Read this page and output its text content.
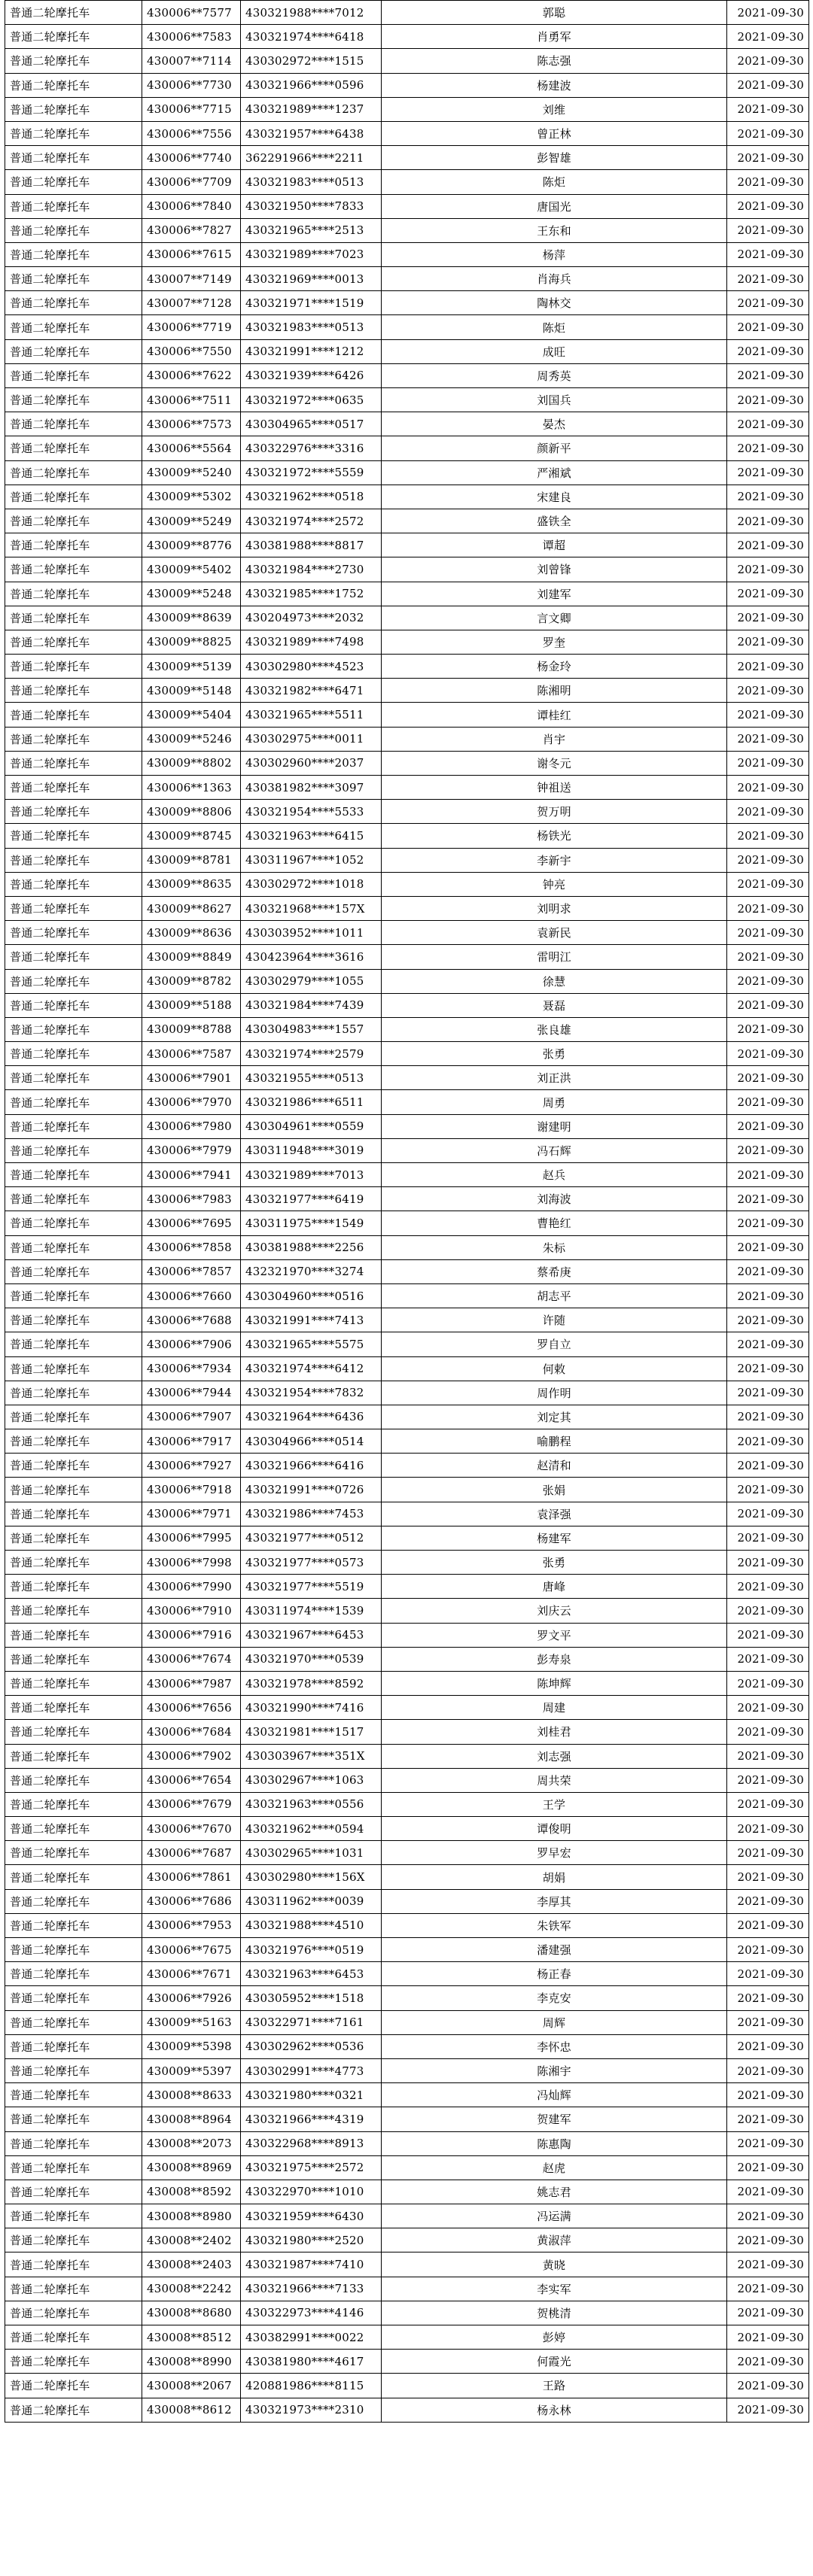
普通二轮摩托车	430006**7577	430321988****7012	郭聪	2021-09-30
普通二轮摩托车	430006**7583	430321974****6418	肖勇军	2021-09-30
普通二轮摩托车	430007**7114	430302972****1515	陈志强	2021-09-30
普通二轮摩托车	430006**7730	430321966****0596	杨建波	2021-09-30
普通二轮摩托车	430006**7715	430321989****1237	刘维	2021-09-30
普通二轮摩托车	430006**7556	430321957****6438	曾正林	2021-09-30
普通二轮摩托车	430006**7740	362291966****2211	彭智雄	2021-09-30
普通二轮摩托车	430006**7709	430321983****0513	陈炬	2021-09-30
普通二轮摩托车	430006**7840	430321950****7833	唐国光	2021-09-30
普通二轮摩托车	430006**7827	430321965****2513	王东和	2021-09-30
普通二轮摩托车	430006**7615	430321989****7023	杨萍	2021-09-30
普通二轮摩托车	430007**7149	430321969****0013	肖海兵	2021-09-30
普通二轮摩托车	430007**7128	430321971****1519	陶林交	2021-09-30
普通二轮摩托车	430006**7719	430321983****0513	陈炬	2021-09-30
普通二轮摩托车	430006**7550	430321991****1212	成旺	2021-09-30
普通二轮摩托车	430006**7622	430321939****6426	周秀英	2021-09-30
普通二轮摩托车	430006**7511	430321972****0635	刘国兵	2021-09-30
普通二轮摩托车	430006**7573	430304965****0517	晏杰	2021-09-30
普通二轮摩托车	430006**5564	430322976****3316	颜新平	2021-09-30
普通二轮摩托车	430009**5240	430321972****5559	严湘斌	2021-09-30
普通二轮摩托车	430009**5302	430321962****0518	宋建良	2021-09-30
普通二轮摩托车	430009**5249	430321974****2572	盛铁全	2021-09-30
普通二轮摩托车	430009**8776	430381988****8817	谭超	2021-09-30
普通二轮摩托车	430009**5402	430321984****2730	刘曾锋	2021-09-30
普通二轮摩托车	430009**5248	430321985****1752	刘建军	2021-09-30
普通二轮摩托车	430009**8639	430204973****2032	言文卿	2021-09-30
普通二轮摩托车	430009**8825	430321989****7498	罗奎	2021-09-30
普通二轮摩托车	430009**5139	430302980****4523	杨金玲	2021-09-30
普通二轮摩托车	430009**5148	430321982****6471	陈湘明	2021-09-30
普通二轮摩托车	430009**5404	430321965****5511	谭桂红	2021-09-30
普通二轮摩托车	430009**5246	430302975****0011	肖宇	2021-09-30
普通二轮摩托车	430009**8802	430302960****2037	谢冬元	2021-09-30
普通二轮摩托车	430006**1363	430381982****3097	钟祖送	2021-09-30
普通二轮摩托车	430009**8806	430321954****5533	贺万明	2021-09-30
普通二轮摩托车	430009**8745	430321963****6415	杨铁光	2021-09-30
普通二轮摩托车	430009**8781	430311967****1052	李新宇	2021-09-30
普通二轮摩托车	430009**8635	430302972****1018	钟亮	2021-09-30
普通二轮摩托车	430009**8627	430321968****157X	刘明求	2021-09-30
普通二轮摩托车	430009**8636	430303952****1011	袁新民	2021-09-30
普通二轮摩托车	430009**8849	430423964****3616	雷明江	2021-09-30
普通二轮摩托车	430009**8782	430302979****1055	徐慧	2021-09-30
普通二轮摩托车	430009**5188	430321984****7439	聂磊	2021-09-30
普通二轮摩托车	430009**8788	430304983****1557	张良雄	2021-09-30
普通二轮摩托车	430006**7587	430321974****2579	张勇	2021-09-30
普通二轮摩托车	430006**7901	430321955****0513	刘正洪	2021-09-30
普通二轮摩托车	430006**7970	430321986****6511	周勇	2021-09-30
普通二轮摩托车	430006**7980	430304961****0559	谢建明	2021-09-30
普通二轮摩托车	430006**7979	430311948****3019	冯石辉	2021-09-30
普通二轮摩托车	430006**7941	430321989****7013	赵兵	2021-09-30
普通二轮摩托车	430006**7983	430321977****6419	刘海波	2021-09-30
普通二轮摩托车	430006**7695	430311975****1549	曹艳红	2021-09-30
普通二轮摩托车	430006**7858	430381988****2256	朱标	2021-09-30
普通二轮摩托车	430006**7857	432321970****3274	蔡希庚	2021-09-30
普通二轮摩托车	430006**7660	430304960****0516	胡志平	2021-09-30
普通二轮摩托车	430006**7688	430321991****7413	许随	2021-09-30
普通二轮摩托车	430006**7906	430321965****5575	罗自立	2021-09-30
普通二轮摩托车	430006**7934	430321974****6412	何敕	2021-09-30
普通二轮摩托车	430006**7944	430321954****7832	周作明	2021-09-30
普通二轮摩托车	430006**7907	430321964****6436	刘定其	2021-09-30
普通二轮摩托车	430006**7917	430304966****0514	喻鹏程	2021-09-30
普通二轮摩托车	430006**7927	430321966****6416	赵清和	2021-09-30
普通二轮摩托车	430006**7918	430321991****0726	张娟	2021-09-30
普通二轮摩托车	430006**7971	430321986****7453	袁泽强	2021-09-30
普通二轮摩托车	430006**7995	430321977****0512	杨建军	2021-09-30
普通二轮摩托车	430006**7998	430321977****0573	张勇	2021-09-30
普通二轮摩托车	430006**7990	430321977****5519	唐峰	2021-09-30
普通二轮摩托车	430006**7910	430311974****1539	刘庆云	2021-09-30
普通二轮摩托车	430006**7916	430321967****6453	罗文平	2021-09-30
普通二轮摩托车	430006**7674	430321970****0539	彭寿泉	2021-09-30
普通二轮摩托车	430006**7987	430321978****8592	陈坤辉	2021-09-30
普通二轮摩托车	430006**7656	430321990****7416	周建	2021-09-30
普通二轮摩托车	430006**7684	430321981****1517	刘桂君	2021-09-30
普通二轮摩托车	430006**7902	430303967****351X	刘志强	2021-09-30
普通二轮摩托车	430006**7654	430302967****1063	周共荣	2021-09-30
普通二轮摩托车	430006**7679	430321963****0556	王学	2021-09-30
普通二轮摩托车	430006**7670	430321962****0594	谭俊明	2021-09-30
普通二轮摩托车	430006**7687	430302965****1031	罗早宏	2021-09-30
普通二轮摩托车	430006**7861	430302980****156X	胡娟	2021-09-30
普通二轮摩托车	430006**7686	430311962****0039	李厚其	2021-09-30
普通二轮摩托车	430006**7953	430321988****4510	朱铁军	2021-09-30
普通二轮摩托车	430006**7675	430321976****0519	潘建强	2021-09-30
普通二轮摩托车	430006**7671	430321963****6453	杨正春	2021-09-30
普通二轮摩托车	430006**7926	430305952****1518	李克安	2021-09-30
普通二轮摩托车	430009**5163	430322971****7161	周辉	2021-09-30
普通二轮摩托车	430009**5398	430302962****0536	李怀忠	2021-09-30
普通二轮摩托车	430009**5397	430302991****4773	陈湘宇	2021-09-30
普通二轮摩托车	430008**8633	430321980****0321	冯灿辉	2021-09-30
普通二轮摩托车	430008**8964	430321966****4319	贺建军	2021-09-30
普通二轮摩托车	430008**2073	430322968****8913	陈惠陶	2021-09-30
普通二轮摩托车	430008**8969	430321975****2572	赵虎	2021-09-30
普通二轮摩托车	430008**8592	430322970****1010	姚志君	2021-09-30
普通二轮摩托车	430008**8980	430321959****6430	冯运满	2021-09-30
普通二轮摩托车	430008**2402	430321980****2520	黄淑萍	2021-09-30
普通二轮摩托车	430008**2403	430321987****7410	黄晓	2021-09-30
普通二轮摩托车	430008**2242	430321966****7133	李实军	2021-09-30
普通二轮摩托车	430008**8680	430322973****4146	贺桃清	2021-09-30
普通二轮摩托车	430008**8512	430382991****0022	彭婷	2021-09-30
普通二轮摩托车	430008**8990	430381980****4617	何霞光	2021-09-30
普通二轮摩托车	430008**2067	420881986****8115	王路	2021-09-30
普通二轮摩托车	430008**8612	430321973****2310	杨永林	2021-09-30
